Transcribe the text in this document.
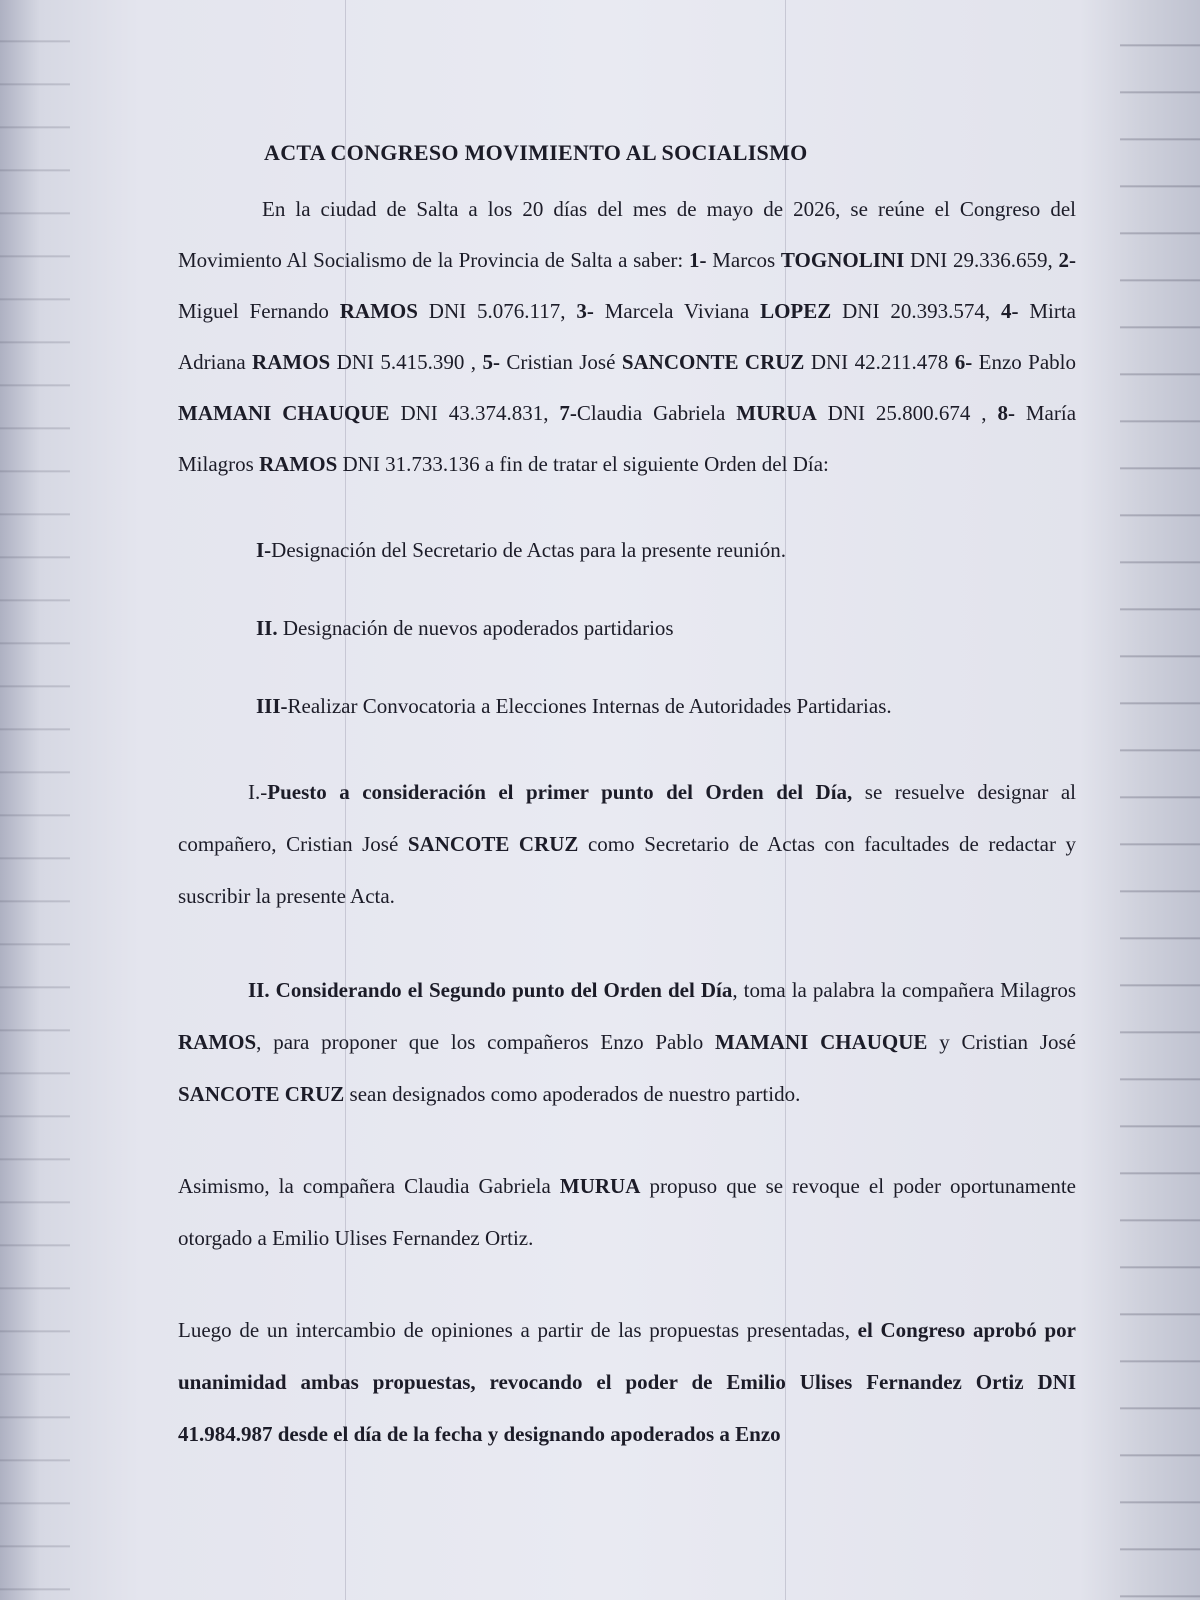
ACTA CONGRESO MOVIMIENTO AL SOCIALISMO

En la ciudad de Salta a los 20 días del mes de mayo de 2026, se reúne el Congreso del Movimiento Al Socialismo de la Provincia de Salta a saber: 1- Marcos TOGNOLINI DNI 29.336.659, 2- Miguel Fernando RAMOS DNI 5.076.117, 3- Marcela Viviana LOPEZ DNI 20.393.574, 4- Mirta Adriana RAMOS DNI 5.415.390 , 5- Cristian José SANCONTE CRUZ DNI 42.211.478 6- Enzo Pablo MAMANI CHAUQUE DNI 43.374.831, 7-Claudia Gabriela MURUA DNI 25.800.674 , 8- María Milagros RAMOS DNI 31.733.136 a fin de tratar el siguiente Orden del Día:

I-Designación del Secretario de Actas para la presente reunión.

II. Designación de nuevos apoderados partidarios

III-Realizar Convocatoria a Elecciones Internas de Autoridades Partidarias.

I.-Puesto a consideración el primer punto del Orden del Día, se resuelve designar al compañero, Cristian José SANCOTE CRUZ como Secretario de Actas con facultades de redactar y suscribir la presente Acta.

II. Considerando el Segundo punto del Orden del Día, toma la palabra la compañera Milagros RAMOS, para proponer que los compañeros Enzo Pablo MAMANI CHAUQUE y Cristian José SANCOTE CRUZ sean designados como apoderados de nuestro partido.

Asimismo, la compañera Claudia Gabriela MURUA propuso que se revoque el poder oportunamente otorgado a Emilio Ulises Fernandez Ortiz.

Luego de un intercambio de opiniones a partir de las propuestas presentadas, el Congreso aprobó por unanimidad ambas propuestas, revocando el poder de Emilio Ulises Fernandez Ortiz DNI 41.984.987 desde el día de la fecha y designando apoderados a Enzo
